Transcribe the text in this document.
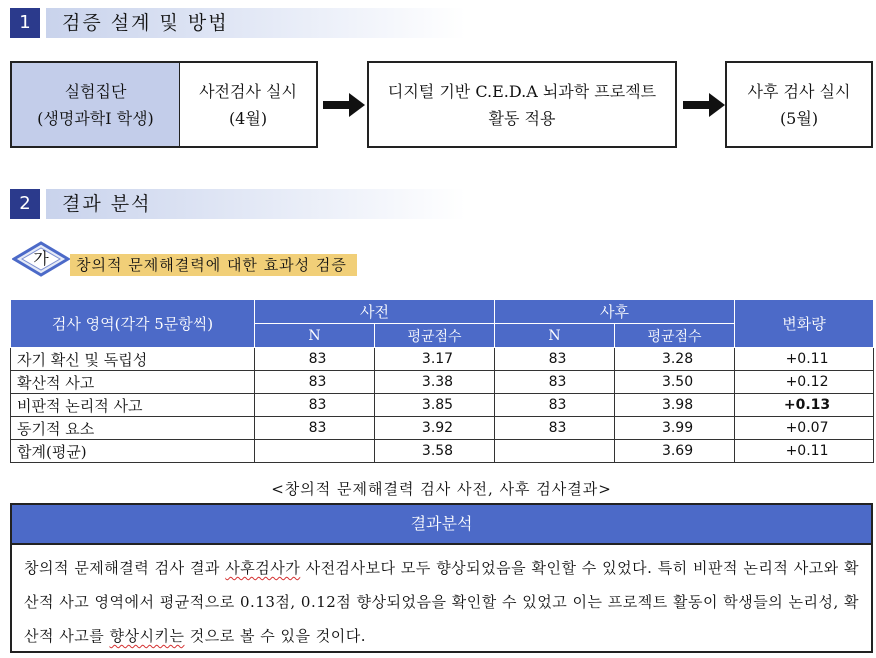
1	검증 설계 및 방법
실험집단
(생명과학I 학생)
사전검사 실시
(4월)
디지털 기반 C.E.D.A 뇌과학 프로젝트
활동 적용
사후 검사 실시
(5월)
2	결과 분석
가	창의적 문제해결력에 대한 효과성 검증
검사 영역(각각 5문항씩)	사전		사후		변화량
	N	평균점수	N	평균점수	
자기 확신 및 독립성	83	3.17	83	3.28	+0.11
확산적 사고	83	3.38	83	3.50	+0.12
비판적 논리적 사고	83	3.85	83	3.98	+0.13
동기적 요소	83	3.92	83	3.99	+0.07
합계(평균)		3.58		3.69	+0.11
<창의적 문제해결력 검사 사전, 사후 검사결과>
결과분석
창의적 문제해결력 검사 결과 사후검사가 사전검사보다 모두 향상되었음을 확인할 수 있었다. 특히 비판적 논리적 사고와 확산적 사고 영역에서 평균적으로 0.13점, 0.12점 향상되었음을 확인할 수 있었고 이는 프로젝트 활동이 학생들의 논리성, 확산적 사고를 향상시키는 것으로 볼 수 있을 것이다.
